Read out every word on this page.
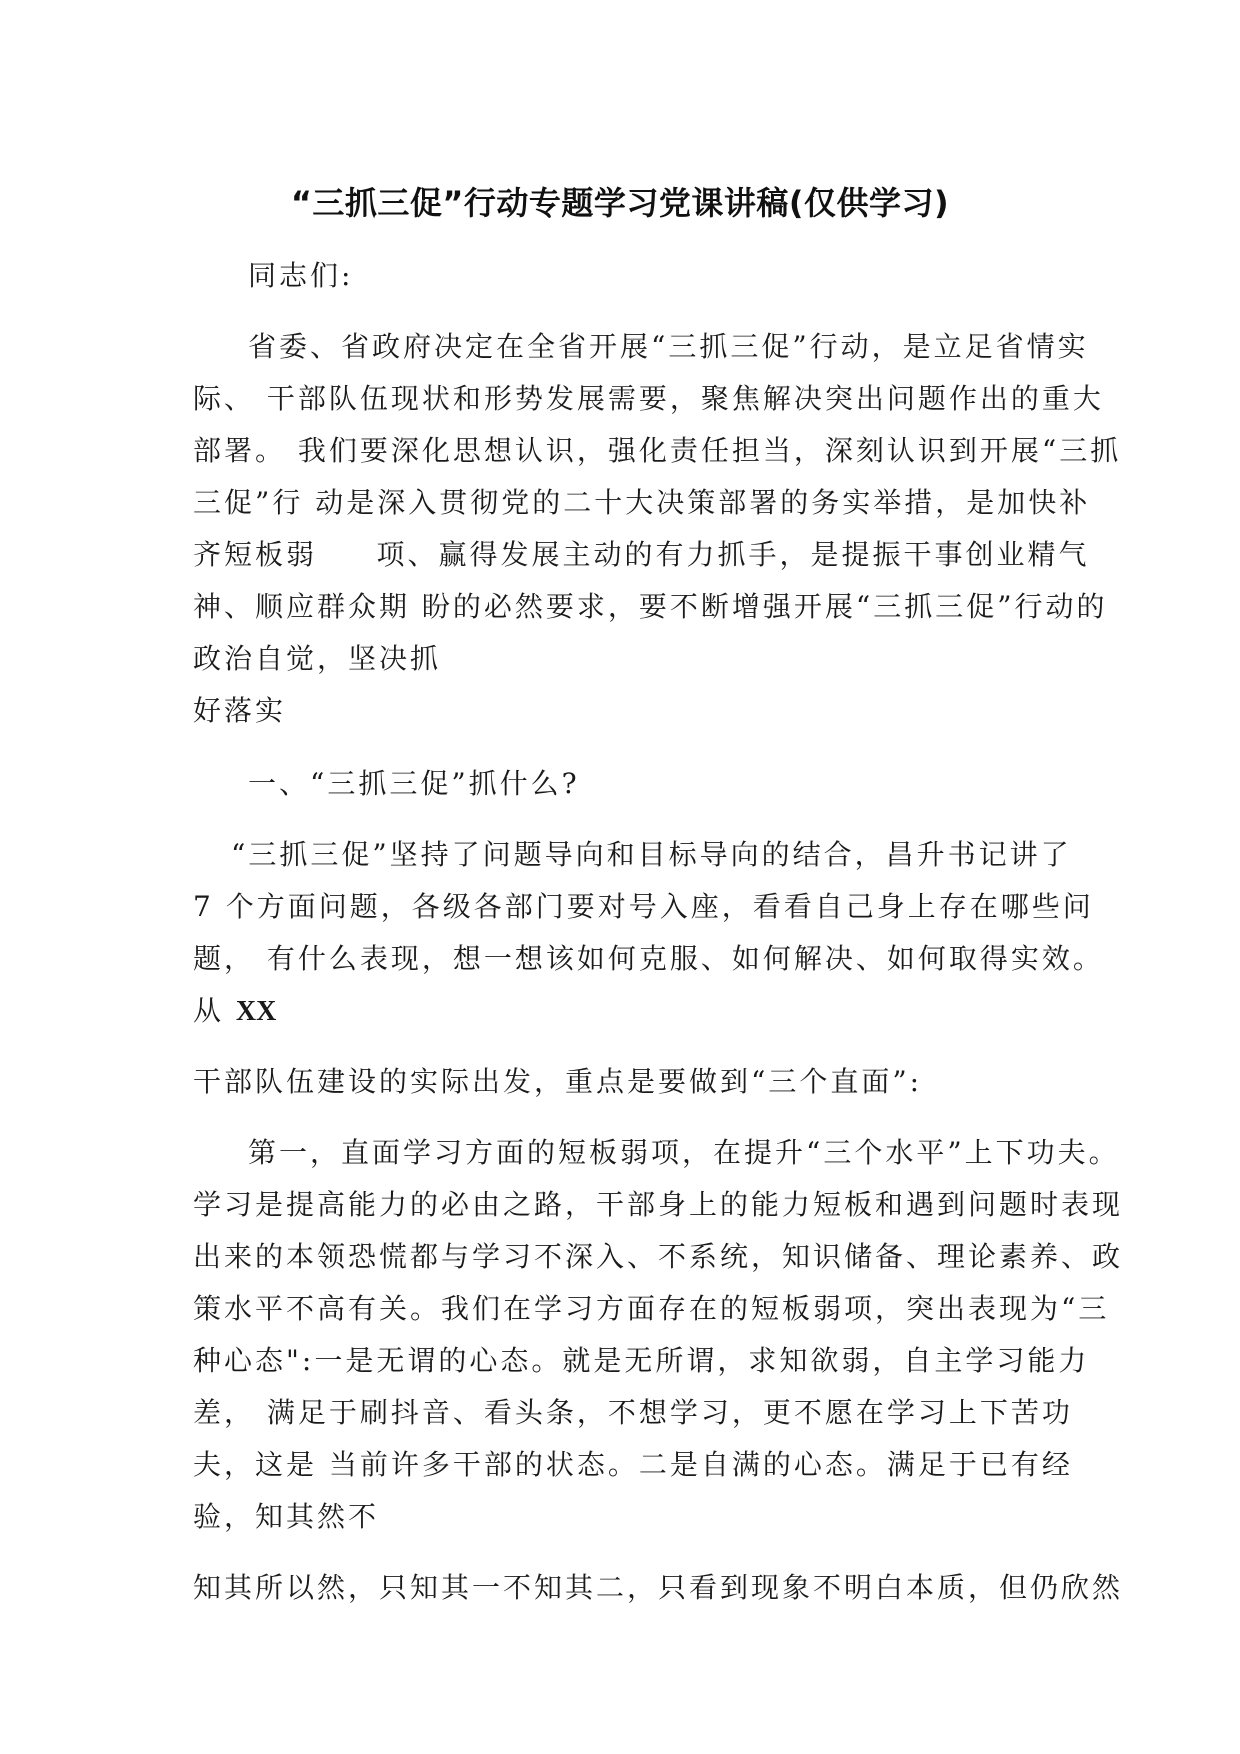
“三抓三促”行动专题学习党课讲稿(仅供学习)
同志们:
省委、省政府决定在全省开展“三抓三促”行动，是立足省情实
际、 干部队伍现状和形势发展需要，聚焦解决突出问题作出的重大
部署。 我们要深化思想认识，强化责任担当，深刻认识到开展“三抓
三促”行 动是深入贯彻党的二十大决策部署的务实举措，是加快补
齐短板弱     项、赢得发展主动的有力抓手，是提振干事创业精气
神、顺应群众期 盼的必然要求，要不断增强开展“三抓三促”行动的
政治自觉，坚决抓
好落实
一、“三抓三促”抓什么?
“三抓三促”坚持了问题导向和目标导向的结合，昌升书记讲了
7 个方面问题，各级各部门要对号入座，看看自己身上存在哪些问
题， 有什么表现，想一想该如何克服、如何解决、如何取得实效。
从 XX
干部队伍建设的实际出发，重点是要做到“三个直面”:
第一，直面学习方面的短板弱项，在提升“三个水平”上下功夫。
学习是提高能力的必由之路，干部身上的能力短板和遇到问题时表现
出来的本领恐慌都与学习不深入、不系统，知识储备、理论素养、政
策水平不高有关。我们在学习方面存在的短板弱项，突出表现为“三
种心态":一是无谓的心态。就是无所谓，求知欲弱，自主学习能力
差， 满足于刷抖音、看头条，不想学习，更不愿在学习上下苦功
夫，这是 当前许多干部的状态。二是自满的心态。满足于已有经
验，知其然不
知其所以然，只知其一不知其二，只看到现象不明白本质，但仍欣然
